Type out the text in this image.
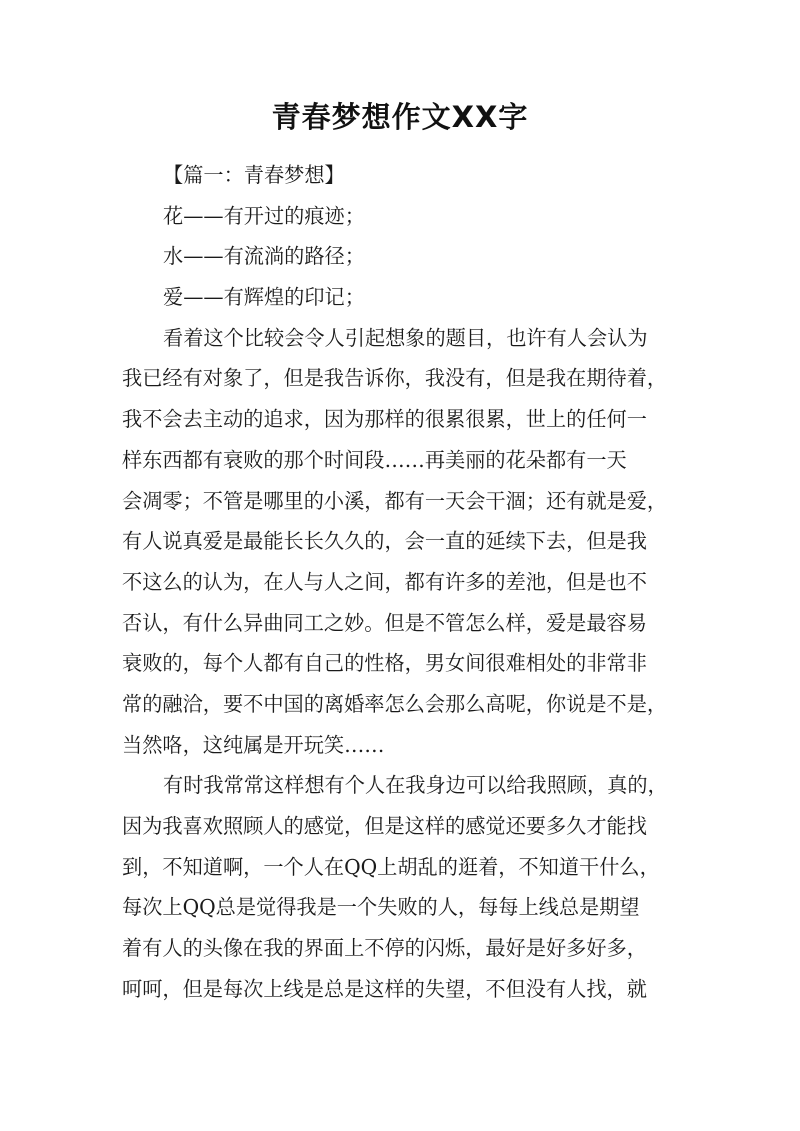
青春梦想作文XX字
【篇一：青春梦想】
花——有开过的痕迹；
水——有流淌的路径；
爱——有辉煌的印记；
看着这个比较会令人引起想象的题目，也许有人会认为
我已经有对象了，但是我告诉你，我没有，但是我在期待着，
我不会去主动的追求，因为那样的很累很累，世上的任何一
样东西都有衰败的那个时间段……再美丽的花朵都有一天
会凋零；不管是哪里的小溪，都有一天会干涸；还有就是爱，
有人说真爱是最能长长久久的，会一直的延续下去，但是我
不这么的认为，在人与人之间，都有许多的差池，但是也不
否认，有什么异曲同工之妙。但是不管怎么样，爱是最容易
衰败的，每个人都有自己的性格，男女间很难相处的非常非
常的融洽，要不中国的离婚率怎么会那么高呢，你说是不是，
当然咯，这纯属是开玩笑……
有时我常常这样想有个人在我身边可以给我照顾，真的，
因为我喜欢照顾人的感觉，但是这样的感觉还要多久才能找
到，不知道啊，一个人在QQ上胡乱的逛着，不知道干什么，
每次上QQ总是觉得我是一个失败的人，每每上线总是期望
着有人的头像在我的界面上不停的闪烁，最好是好多好多，
呵呵，但是每次上线是总是这样的失望，不但没有人找，就
